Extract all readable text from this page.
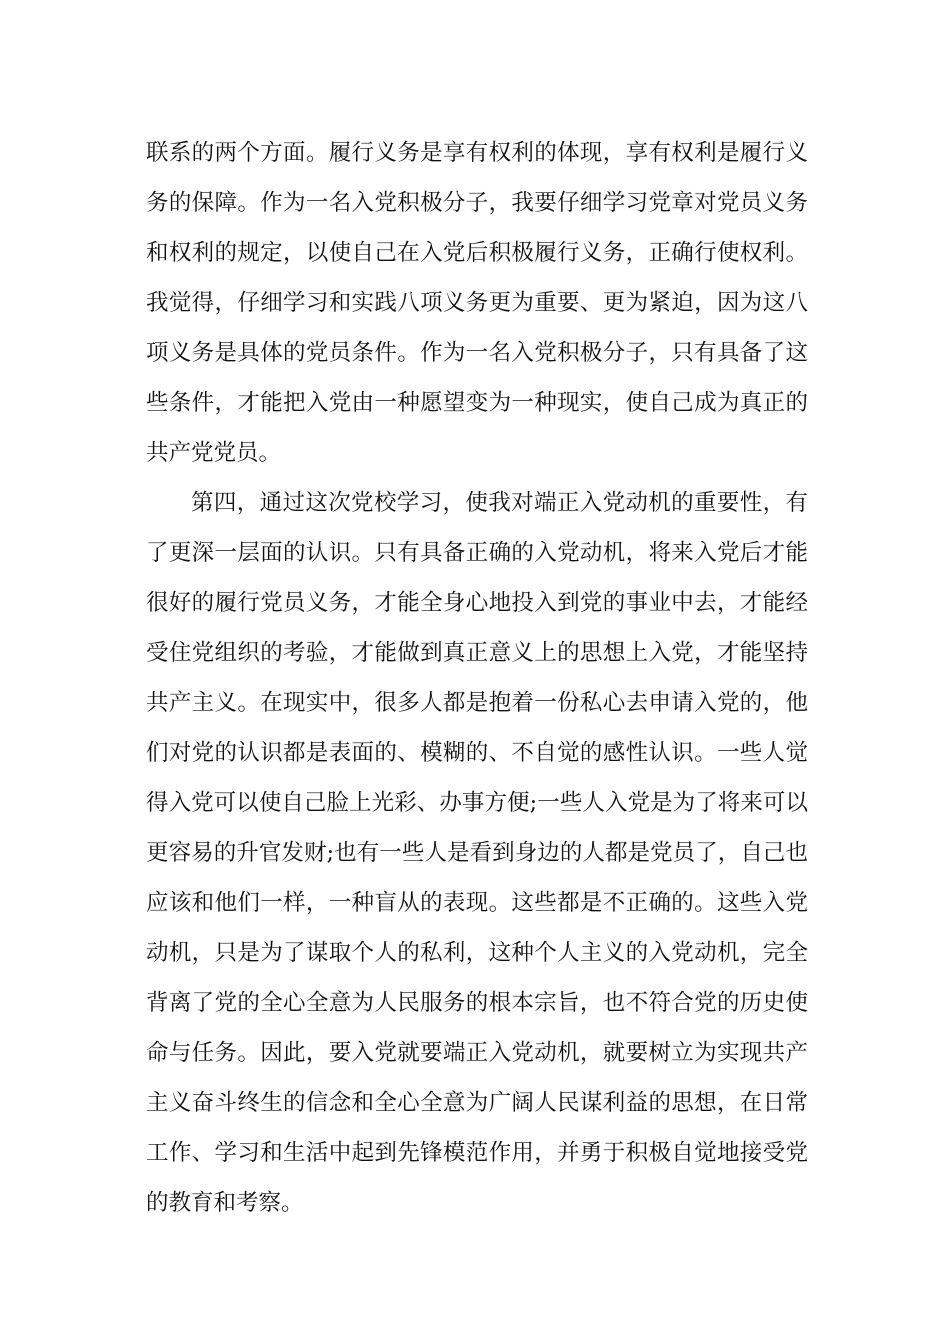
联系的两个方面。履行义务是享有权利的体现，享有权利是履行义
务的保障。作为一名入党积极分子，我要仔细学习党章对党员义务
和权利的规定，以使自己在入党后积极履行义务，正确行使权利。
我觉得，仔细学习和实践八项义务更为重要、更为紧迫，因为这八
项义务是具体的党员条件。作为一名入党积极分子，只有具备了这
些条件，才能把入党由一种愿望变为一种现实，使自己成为真正的
共产党党员。
第四，通过这次党校学习，使我对端正入党动机的重要性，有
了更深一层面的认识。只有具备正确的入党动机，将来入党后才能
很好的履行党员义务，才能全身心地投入到党的事业中去，才能经
受住党组织的考验，才能做到真正意义上的思想上入党，才能坚持
共产主义。在现实中，很多人都是抱着一份私心去申请入党的，他
们对党的认识都是表面的、模糊的、不自觉的感性认识。一些人觉
得入党可以使自己脸上光彩、办事方便;一些人入党是为了将来可以
更容易的升官发财;也有一些人是看到身边的人都是党员了，自己也
应该和他们一样，一种盲从的表现。这些都是不正确的。这些入党
动机，只是为了谋取个人的私利，这种个人主义的入党动机，完全
背离了党的全心全意为人民服务的根本宗旨，也不符合党的历史使
命与任务。因此，要入党就要端正入党动机，就要树立为实现共产
主义奋斗终生的信念和全心全意为广阔人民谋利益的思想，在日常
工作、学习和生活中起到先锋模范作用，并勇于积极自觉地接受党
的教育和考察。
